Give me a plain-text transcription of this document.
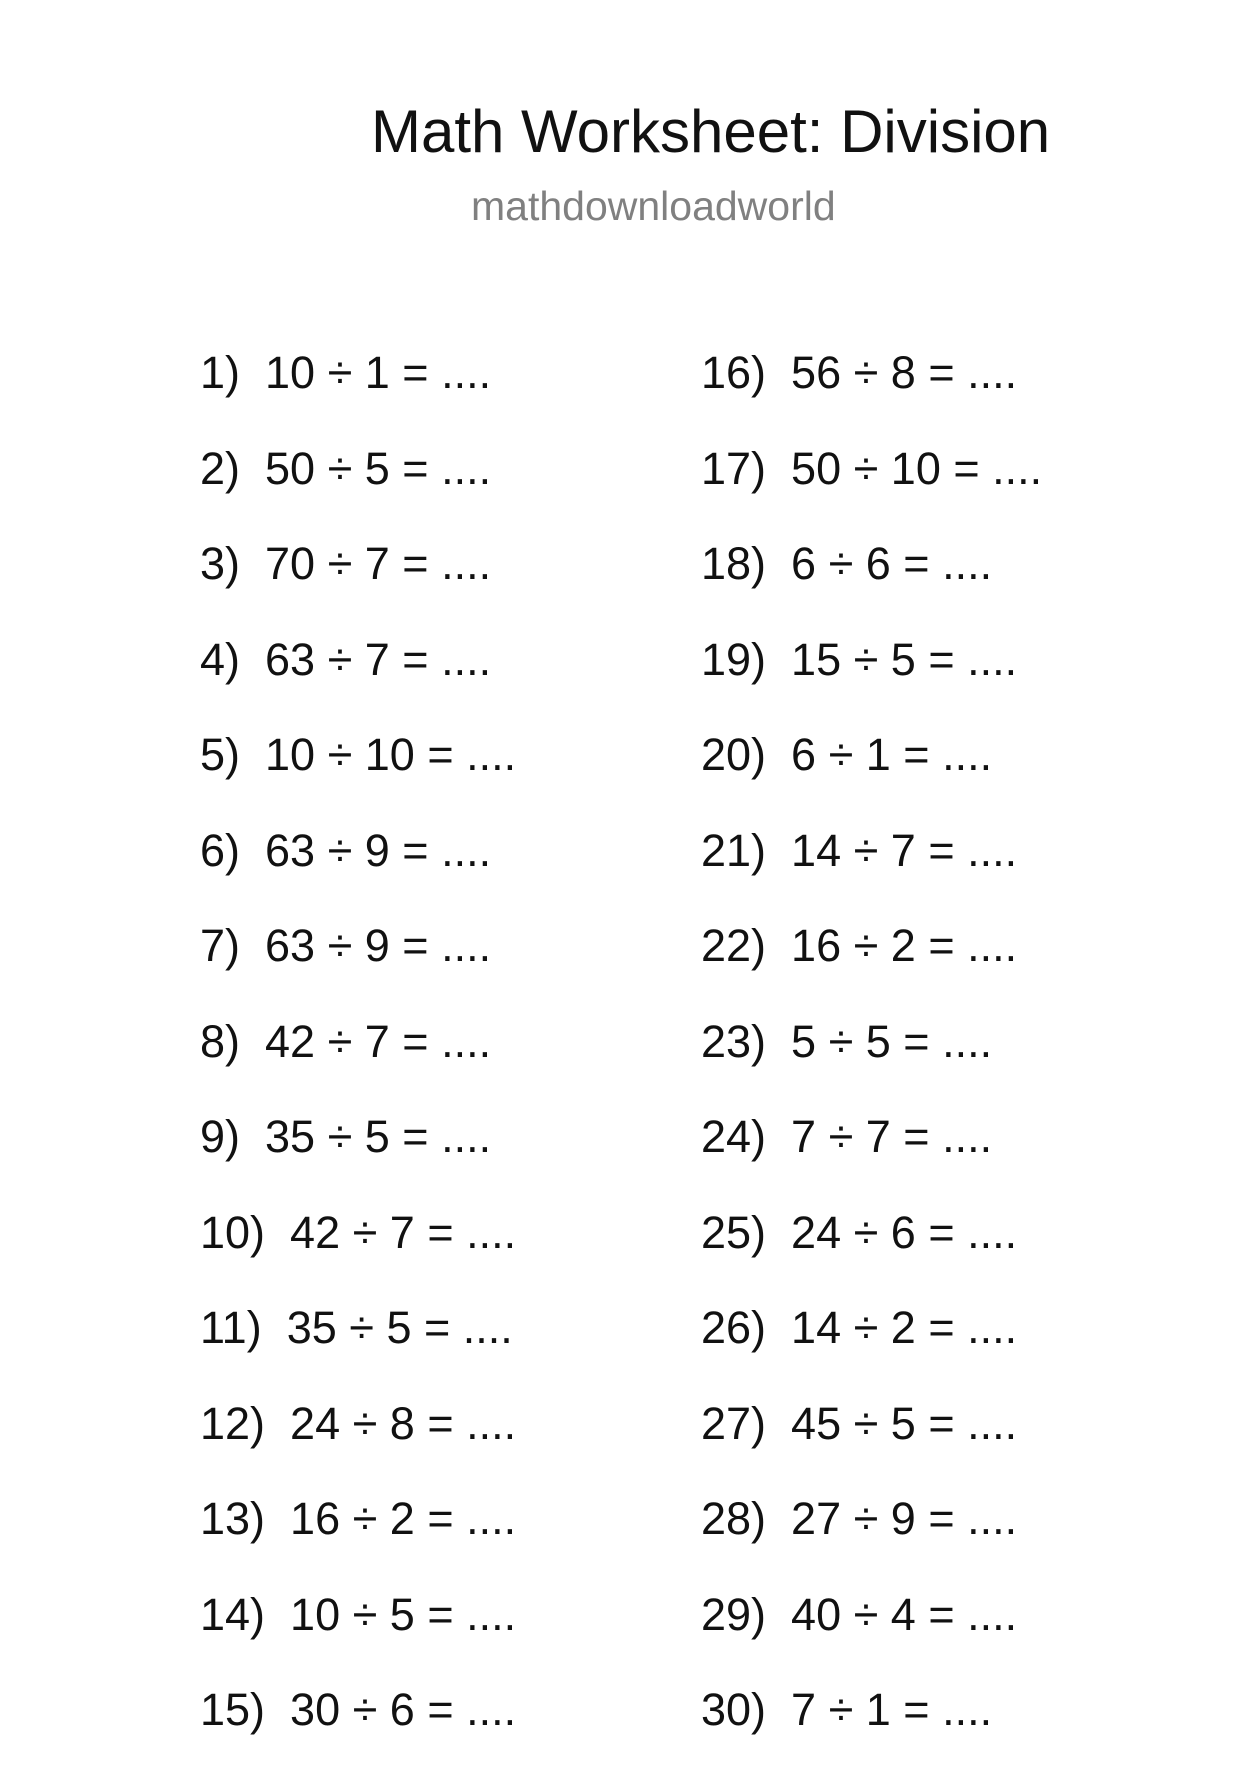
Math Worksheet: Division
mathdownloadworld
1) 10 ÷ 1 = ....
2) 50 ÷ 5 = ....
3) 70 ÷ 7 = ....
4) 63 ÷ 7 = ....
5) 10 ÷ 10 = ....
6) 63 ÷ 9 = ....
7) 63 ÷ 9 = ....
8) 42 ÷ 7 = ....
9) 35 ÷ 5 = ....
10) 42 ÷ 7 = ....
11) 35 ÷ 5 = ....
12) 24 ÷ 8 = ....
13) 16 ÷ 2 = ....
14) 10 ÷ 5 = ....
15) 30 ÷ 6 = ....
16) 56 ÷ 8 = ....
17) 50 ÷ 10 = ....
18) 6 ÷ 6 = ....
19) 15 ÷ 5 = ....
20) 6 ÷ 1 = ....
21) 14 ÷ 7 = ....
22) 16 ÷ 2 = ....
23) 5 ÷ 5 = ....
24) 7 ÷ 7 = ....
25) 24 ÷ 6 = ....
26) 14 ÷ 2 = ....
27) 45 ÷ 5 = ....
28) 27 ÷ 9 = ....
29) 40 ÷ 4 = ....
30) 7 ÷ 1 = ....
